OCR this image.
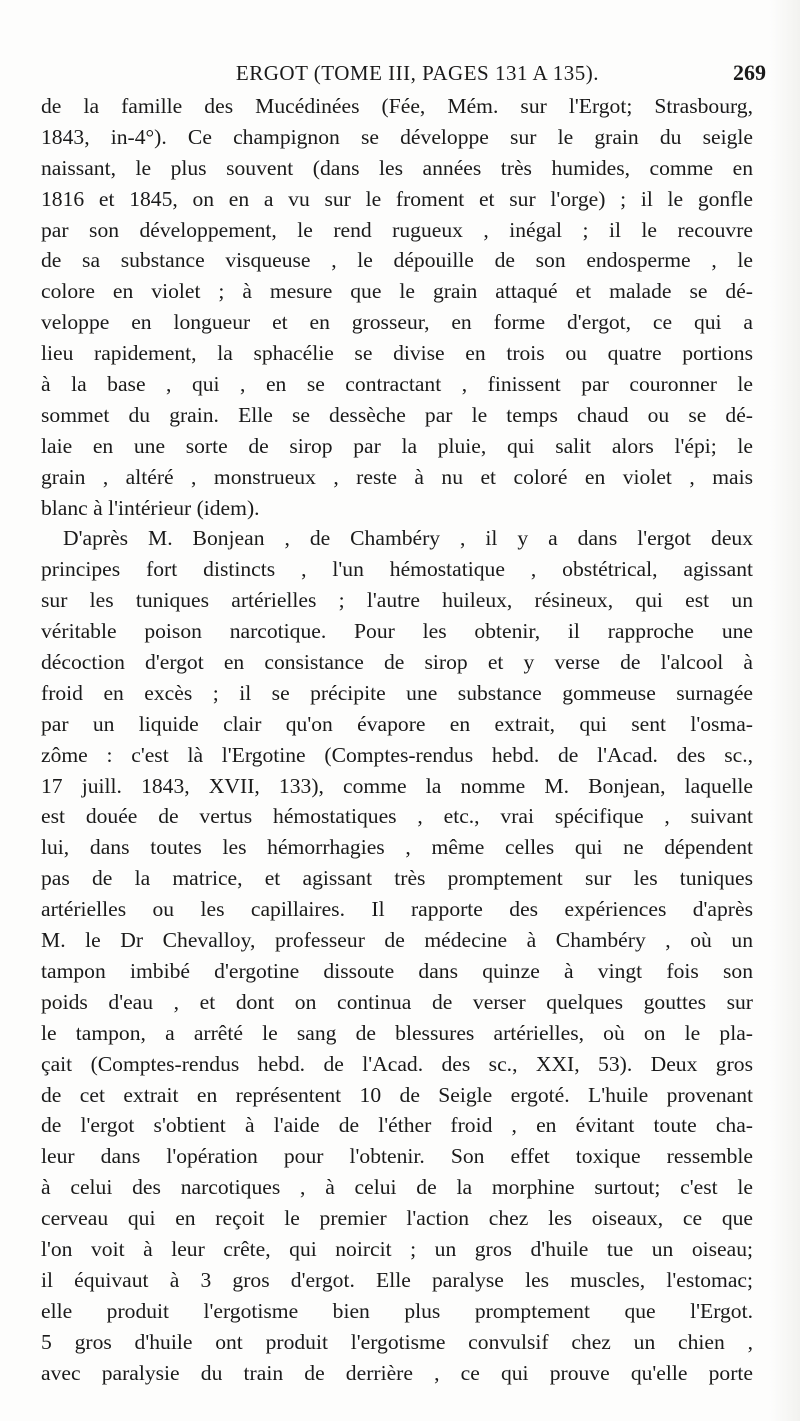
ERGOT (TOME III, PAGES 131 A 135).	269
de la famille des Mucédinées (Fée, Mém. sur l'Ergot; Strasbourg,
1843, in-4°). Ce champignon se développe sur le grain du seigle
naissant, le plus souvent (dans les années très humides, comme en
1816 et 1845, on en a vu sur le froment et sur l'orge) ; il le gonfle
par son développement, le rend rugueux , inégal ; il le recouvre
de sa substance visqueuse , le dépouille de son endosperme , le
colore en violet ; à mesure que le grain attaqué et malade se dé-
veloppe en longueur et en grosseur, en forme d'ergot, ce qui a
lieu rapidement, la sphacélie se divise en trois ou quatre portions
à la base , qui , en se contractant , finissent par couronner le
sommet du grain. Elle se dessèche par le temps chaud ou se dé-
laie en une sorte de sirop par la pluie, qui salit alors l'épi; le
grain , altéré , monstrueux , reste à nu et coloré en violet , mais
blanc à l'intérieur (idem).
D'après M. Bonjean , de Chambéry , il y a dans l'ergot deux
principes fort distincts , l'un hémostatique , obstétrical, agissant
sur les tuniques artérielles ; l'autre huileux, résineux, qui est un
véritable poison narcotique. Pour les obtenir, il rapproche une
décoction d'ergot en consistance de sirop et y verse de l'alcool à
froid en excès ; il se précipite une substance gommeuse surnagée
par un liquide clair qu'on évapore en extrait, qui sent l'osma-
zôme : c'est là l'Ergotine (Comptes-rendus hebd. de l'Acad. des sc.,
17 juill. 1843, XVII, 133), comme la nomme M. Bonjean, laquelle
est douée de vertus hémostatiques , etc., vrai spécifique , suivant
lui, dans toutes les hémorrhagies , même celles qui ne dépendent
pas de la matrice, et agissant très promptement sur les tuniques
artérielles ou les capillaires. Il rapporte des expériences d'après
M. le Dr Chevalloy, professeur de médecine à Chambéry , où un
tampon imbibé d'ergotine dissoute dans quinze à vingt fois son
poids d'eau , et dont on continua de verser quelques gouttes sur
le tampon, a arrêté le sang de blessures artérielles, où on le pla-
çait (Comptes-rendus hebd. de l'Acad. des sc., XXI, 53). Deux gros
de cet extrait en représentent 10 de Seigle ergoté. L'huile provenant
de l'ergot s'obtient à l'aide de l'éther froid , en évitant toute cha-
leur dans l'opération pour l'obtenir. Son effet toxique ressemble
à celui des narcotiques , à celui de la morphine surtout; c'est le
cerveau qui en reçoit le premier l'action chez les oiseaux, ce que
l'on voit à leur crête, qui noircit ; un gros d'huile tue un oiseau;
il équivaut à 3 gros d'ergot. Elle paralyse les muscles, l'estomac;
elle produit l'ergotisme bien plus promptement que l'Ergot.
5 gros d'huile ont produit l'ergotisme convulsif chez un chien ,
avec paralysie du train de derrière , ce qui prouve qu'elle porte
